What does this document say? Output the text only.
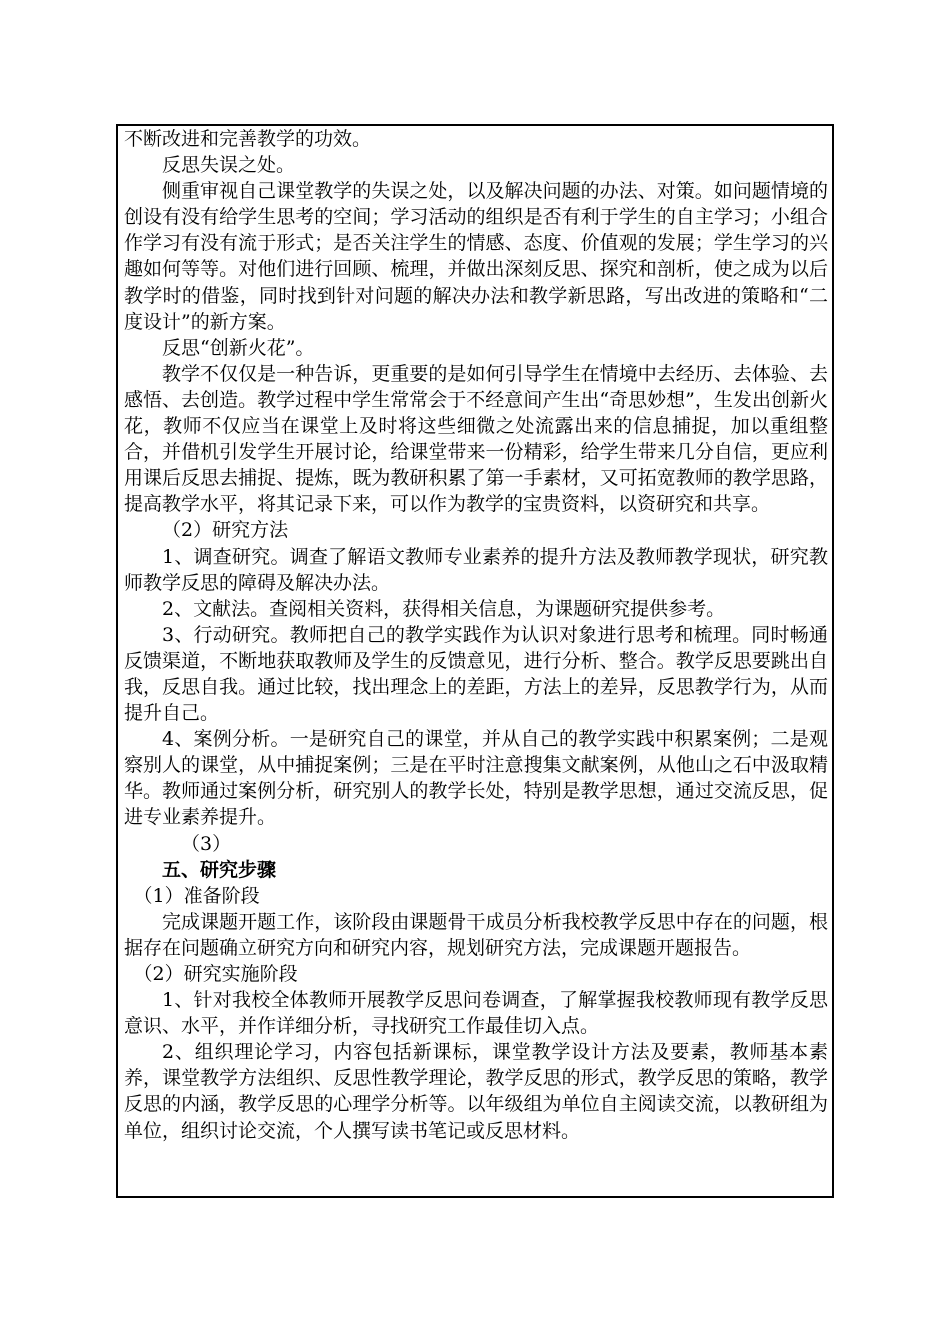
不断改进和完善教学的功效。

反思失误之处。

侧重审视自己课堂教学的失误之处，以及解决问题的办法、对策。如问题情境的创设有没有给学生思考的空间；学习活动的组织是否有利于学生的自主学习；小组合作学习有没有流于形式；是否关注学生的情感、态度、价值观的发展；学生学习的兴趣如何等等。对他们进行回顾、梳理，并做出深刻反思、探究和剖析，使之成为以后教学时的借鉴，同时找到针对问题的解决办法和教学新思路，写出改进的策略和“二度设计”的新方案。

反思“创新火花”。

教学不仅仅是一种告诉，更重要的是如何引导学生在情境中去经历、去体验、去感悟、去创造。教学过程中学生常常会于不经意间产生出“奇思妙想”，生发出创新火花，教师不仅应当在课堂上及时将这些细微之处流露出来的信息捕捉，加以重组整合，并借机引发学生开展讨论，给课堂带来一份精彩，给学生带来几分自信，更应利用课后反思去捕捉、提炼，既为教研积累了第一手素材，又可拓宽教师的教学思路，提高教学水平，将其记录下来，可以作为教学的宝贵资料，以资研究和共享。

（2）研究方法

1、调查研究。调查了解语文教师专业素养的提升方法及教师教学现状，研究教师教学反思的障碍及解决办法。

2、文献法。查阅相关资料，获得相关信息，为课题研究提供参考。

3、行动研究。教师把自己的教学实践作为认识对象进行思考和梳理。同时畅通反馈渠道，不断地获取教师及学生的反馈意见，进行分析、整合。教学反思要跳出自我，反思自我。通过比较，找出理念上的差距，方法上的差异，反思教学行为，从而提升自己。

4、案例分析。一是研究自己的课堂，并从自己的教学实践中积累案例；二是观察别人的课堂，从中捕捉案例；三是在平时注意搜集文献案例，从他山之石中汲取精华。教师通过案例分析，研究别人的教学长处，特别是教学思想，通过交流反思，促进专业素养提升。

（3）

五、研究步骤

（1）准备阶段

完成课题开题工作，该阶段由课题骨干成员分析我校教学反思中存在的问题，根据存在问题确立研究方向和研究内容，规划研究方法，完成课题开题报告。

（2）研究实施阶段

1、针对我校全体教师开展教学反思问卷调查，了解掌握我校教师现有教学反思意识、水平，并作详细分析，寻找研究工作最佳切入点。

2、组织理论学习，内容包括新课标，课堂教学设计方法及要素，教师基本素养，课堂教学方法组织、反思性教学理论，教学反思的形式，教学反思的策略，教学反思的内涵，教学反思的心理学分析等。以年级组为单位自主阅读交流，以教研组为单位，组织讨论交流，个人撰写读书笔记或反思材料。
